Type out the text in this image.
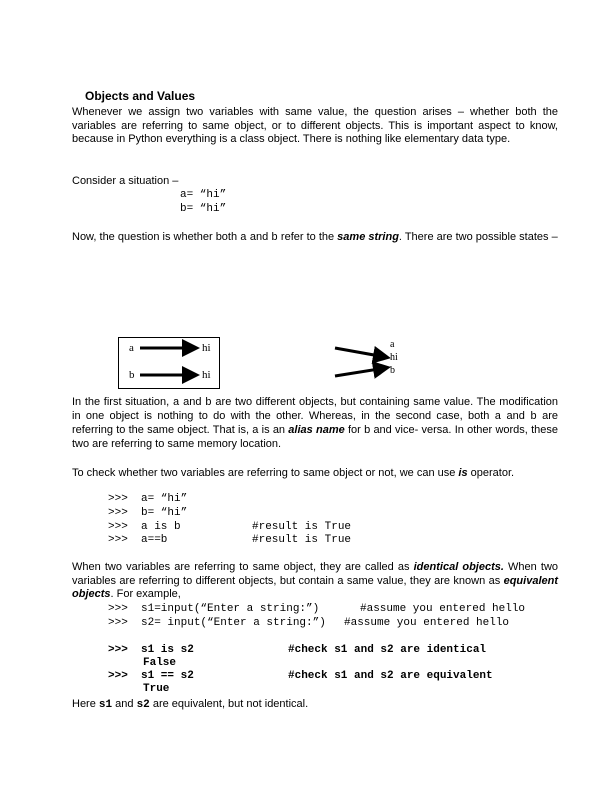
Objects and Values
Whenever we assign two variables with same value, the question arises – whether both the variables are referring to same object, or to different objects. This is important aspect to know, because in Python everything is a class object. There is nothing like elementary data type.
Consider a situation –
a= “hi”
b= “hi”
Now, the question is whether both a and b refer to the same string. There are two possible states –
a	hi
b	hi
a
hi
b
In the first situation, a and b are two different objects, but containing same value. The modification in one object is nothing to do with the other. Whereas, in the second case, both a and b are referring to the same object. That is, a is an alias name for b and vice- versa. In other words, these two are referring to same memory location.
To check whether two variables are referring to same object or not, we can use is operator.
>>>  a= “hi”
>>>  b= “hi”
>>>  a is b	#result is True
>>>  a==b	#result is True
When two variables are referring to same object, they are called as identical objects. When two variables are referring to different objects, but contain a same value, they are known as equivalent objects. For example,
>>>  s1=input(“Enter a string:”)	#assume you entered hello
>>>  s2= input(“Enter a string:”) #assume you entered hello
>>>  s1 is s2	#check s1 and s2 are identical
False
>>>  s1 == s2	#check s1 and s2 are equivalent
True
Here s1 and s2 are equivalent, but not identical.
